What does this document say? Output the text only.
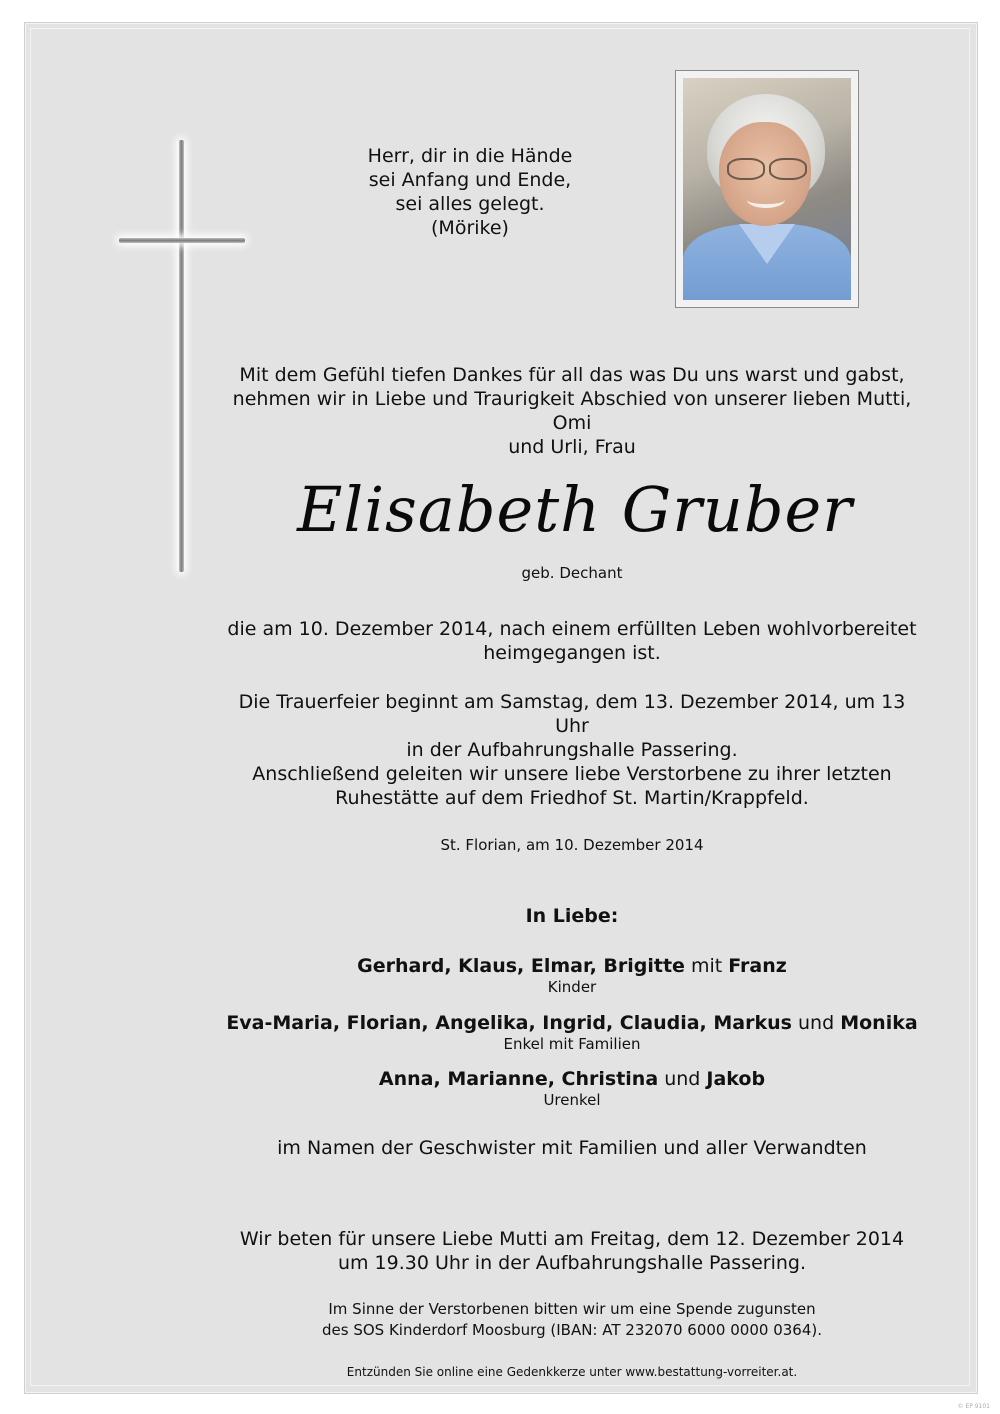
Herr, dir in die Hände
sei Anfang und Ende,
sei alles gelegt.
(Mörike)
Mit dem Gefühl tiefen Dankes für all das was Du uns warst und gabst,
nehmen wir in Liebe und Traurigkeit Abschied von unserer lieben Mutti, Omi
und Urli, Frau
Elisabeth Gruber
geb. Dechant
die am 10. Dezember 2014, nach einem erfüllten Leben wohlvorbereitet
heimgegangen ist.
Die Trauerfeier beginnt am Samstag, dem 13. Dezember 2014, um 13 Uhr
in der Aufbahrungshalle Passering.
Anschließend geleiten wir unsere liebe Verstorbene zu ihrer letzten
Ruhestätte auf dem Friedhof St. Martin/Krappfeld.
St. Florian, am 10. Dezember 2014
In Liebe:
Gerhard, Klaus, Elmar, Brigitte mit Franz
Kinder
Eva-Maria, Florian, Angelika, Ingrid, Claudia, Markus und Monika
Enkel mit Familien
Anna, Marianne, Christina und Jakob
Urenkel
im Namen der Geschwister mit Familien und aller Verwandten
Wir beten für unsere Liebe Mutti am Freitag, dem 12. Dezember 2014
um 19.30 Uhr in der Aufbahrungshalle Passering.
Im Sinne der Verstorbenen bitten wir um eine Spende zugunsten
des SOS Kinderdorf Moosburg (IBAN: AT 232070 6000 0000 0364).
Entzünden Sie online eine Gedenkkerze unter www.bestattung-vorreiter.at.
© EP 9101
